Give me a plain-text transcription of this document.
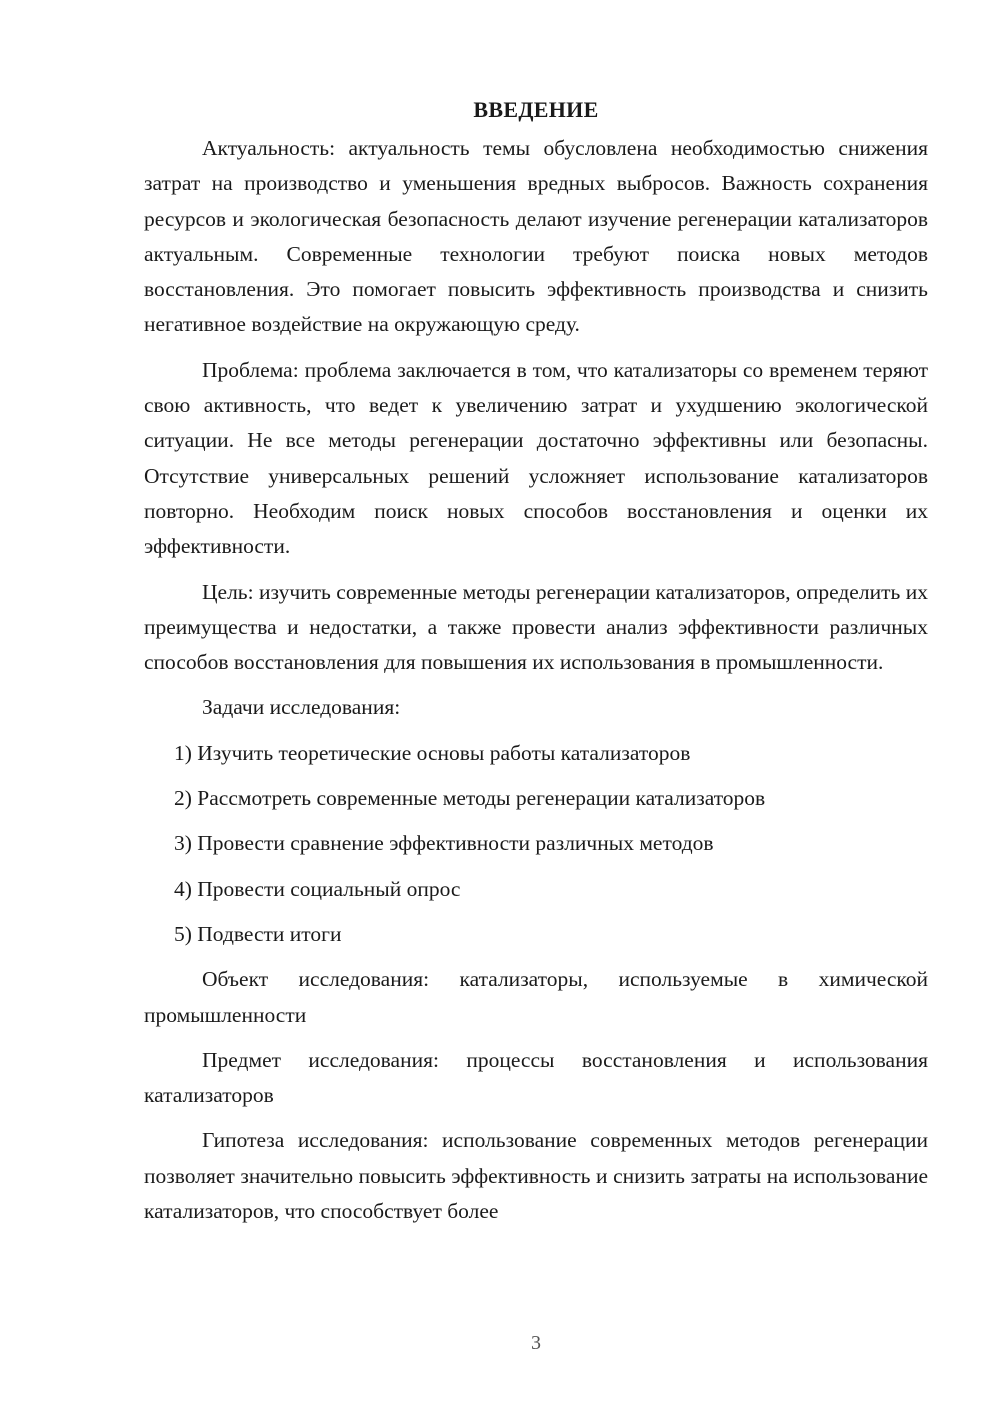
ВВЕДЕНИЕ

Актуальность: актуальность темы обусловлена необходимостью снижения затрат на производство и уменьшения вредных выбросов. Важность сохранения ресурсов и экологическая безопасность делают изучение регенерации катализаторов актуальным. Современные технологии требуют поиска новых методов восстановления. Это помогает повысить эффективность производства и снизить негативное воздействие на окружающую среду.

Проблема: проблема заключается в том, что катализаторы со временем теряют свою активность, что ведет к увеличению затрат и ухудшению экологической ситуации. Не все методы регенерации достаточно эффективны или безопасны. Отсутствие универсальных решений усложняет использование катализаторов повторно. Необходим поиск новых способов восстановления и оценки их эффективности.

Цель: изучить современные методы регенерации катализаторов, определить их преимущества и недостатки, а также провести анализ эффективности различных способов восстановления для повышения их использования в промышленности.

Задачи исследования:

1) Изучить теоретические основы работы катализаторов

2) Рассмотреть современные методы регенерации катализаторов

3) Провести сравнение эффективности различных методов

4) Провести социальный опрос

5) Подвести итоги

Объект исследования: катализаторы, используемые в химической промышленности

Предмет исследования: процессы восстановления и использования катализаторов

Гипотеза исследования: использование современных методов регенерации позволяет значительно повысить эффективность и снизить затраты на использование катализаторов, что способствует более

3
